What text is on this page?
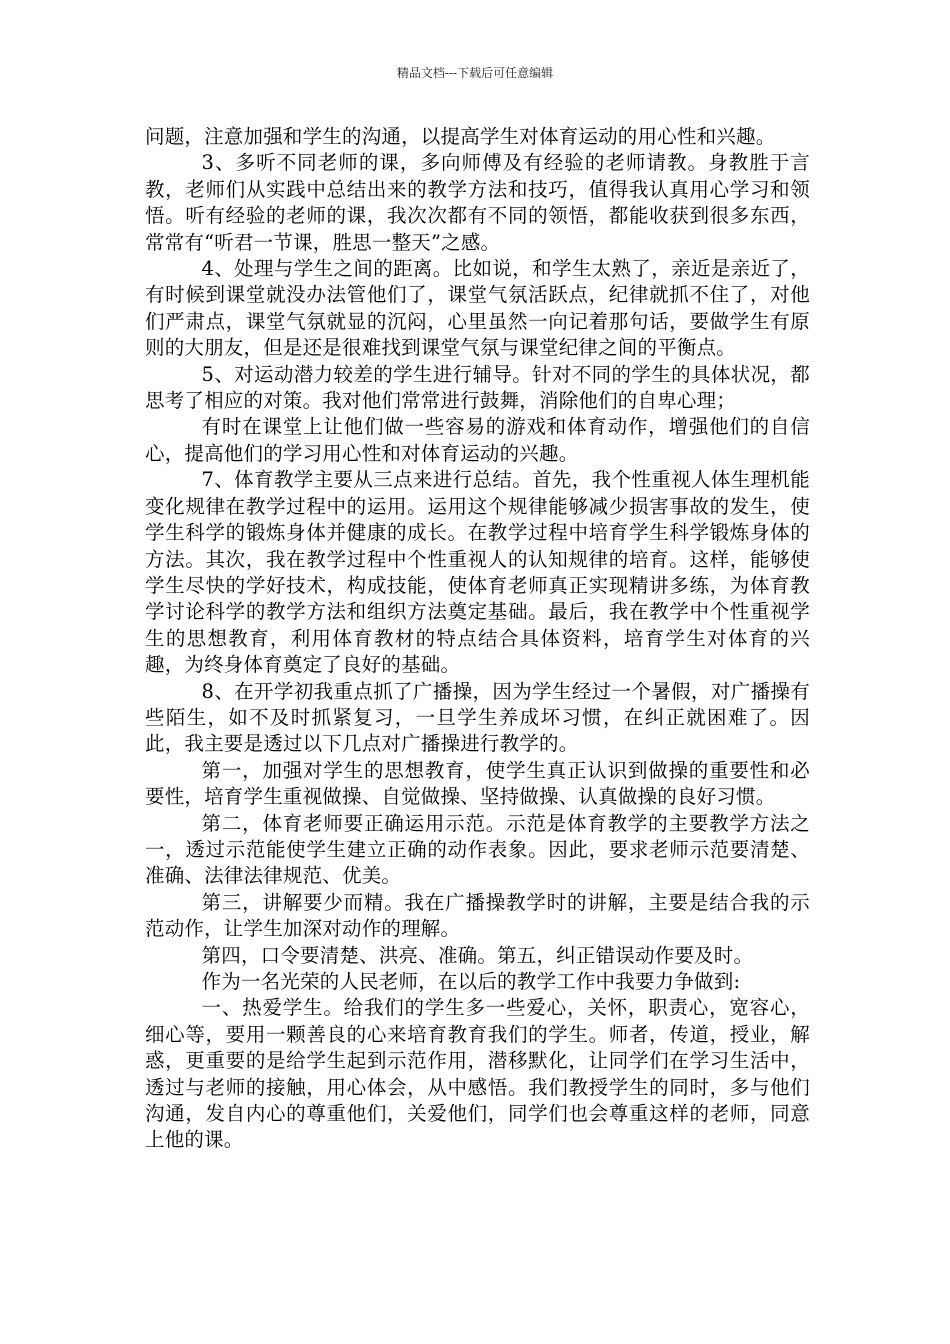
精品文档---下载后可任意编辑

问题，注意加强和学生的沟通，以提高学生对体育运动的用心性和兴趣。

3、多听不同老师的课，多向师傅及有经验的老师请教。身教胜于言教，老师们从实践中总结出来的教学方法和技巧，值得我认真用心学习和领悟。听有经验的老师的课，我次次都有不同的领悟，都能收获到很多东西，常常有“听君一节课，胜思一整天”之感。

4、处理与学生之间的距离。比如说，和学生太熟了，亲近是亲近了，有时候到课堂就没办法管他们了，课堂气氛活跃点，纪律就抓不住了，对他们严肃点，课堂气氛就显的沉闷，心里虽然一向记着那句话，要做学生有原则的大朋友，但是还是很难找到课堂气氛与课堂纪律之间的平衡点。

5、对运动潜力较差的学生进行辅导。针对不同的学生的具体状况，都思考了相应的对策。我对他们常常进行鼓舞，消除他们的自卑心理；

有时在课堂上让他们做一些容易的游戏和体育动作，增强他们的自信心，提高他们的学习用心性和对体育运动的兴趣。

7、体育教学主要从三点来进行总结。首先，我个性重视人体生理机能变化规律在教学过程中的运用。运用这个规律能够减少损害事故的发生，使学生科学的锻炼身体并健康的成长。在教学过程中培育学生科学锻炼身体的方法。其次，我在教学过程中个性重视人的认知规律的培育。这样，能够使学生尽快的学好技术，构成技能，使体育老师真正实现精讲多练，为体育教学讨论科学的教学方法和组织方法奠定基础。最后，我在教学中个性重视学生的思想教育，利用体育教材的特点结合具体资料，培育学生对体育的兴趣，为终身体育奠定了良好的基础。

8、在开学初我重点抓了广播操，因为学生经过一个暑假，对广播操有些陌生，如不及时抓紧复习，一旦学生养成坏习惯，在纠正就困难了。因此，我主要是透过以下几点对广播操进行教学的。

第一，加强对学生的思想教育，使学生真正认识到做操的重要性和必要性，培育学生重视做操、自觉做操、坚持做操、认真做操的良好习惯。

第二，体育老师要正确运用示范。示范是体育教学的主要教学方法之一，透过示范能使学生建立正确的动作表象。因此，要求老师示范要清楚、准确、法律法律规范、优美。

第三，讲解要少而精。我在广播操教学时的讲解，主要是结合我的示范动作，让学生加深对动作的理解。

第四，口令要清楚、洪亮、准确。第五，纠正错误动作要及时。

作为一名光荣的人民老师，在以后的教学工作中我要力争做到:

一、热爱学生。给我们的学生多一些爱心，关怀，职责心，宽容心，细心等，要用一颗善良的心来培育教育我们的学生。师者，传道，授业，解惑，更重要的是给学生起到示范作用，潜移默化，让同学们在学习生活中，透过与老师的接触，用心体会，从中感悟。我们教授学生的同时，多与他们沟通，发自内心的尊重他们，关爱他们，同学们也会尊重这样的老师，同意上他的课。
